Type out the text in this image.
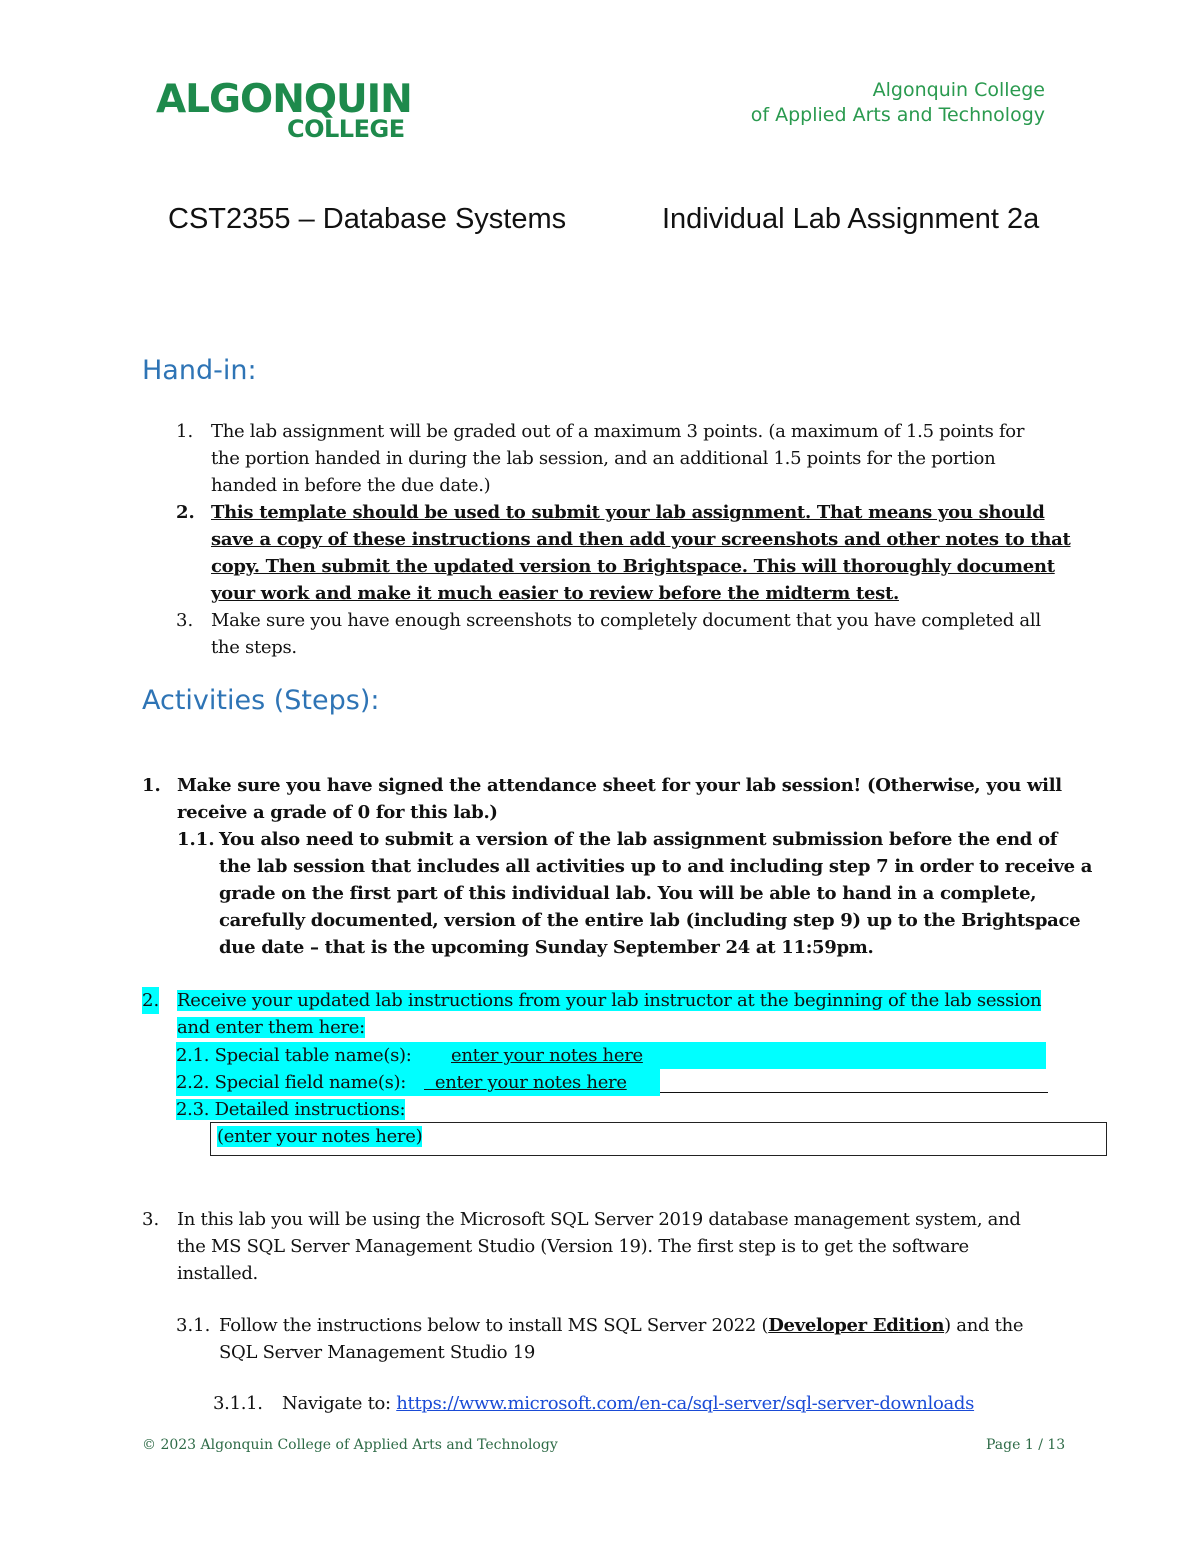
ALGONQUIN
COLLEGE
Algonquin College
of Applied Arts and Technology
CST2355 – Database Systems	Individual Lab Assignment 2a
Hand-in:
1. The lab assignment will be graded out of a maximum 3 points. (a maximum of 1.5 points for
the portion handed in during the lab session, and an additional 1.5 points for the portion
handed in before the due date.)
2. This template should be used to submit your lab assignment. That means you should
save a copy of these instructions and then add your screenshots and other notes to that
copy. Then submit the updated version to Brightspace. This will thoroughly document
your work and make it much easier to review before the midterm test.
3. Make sure you have enough screenshots to completely document that you have completed all
the steps.
Activities (Steps):
1. Make sure you have signed the attendance sheet for your lab session! (Otherwise, you will
receive a grade of 0 for this lab.)
1.1. You also need to submit a version of the lab assignment submission before the end of
the lab session that includes all activities up to and including step 7 in order to receive a
grade on the first part of this individual lab. You will be able to hand in a complete,
carefully documented, version of the entire lab (including step 9) up to the Brightspace
due date – that is the upcoming Sunday September 24 at 11:59pm.
2. Receive your updated lab instructions from your lab instructor at the beginning of the lab session
and enter them here:
2.1. Special table name(s): enter your notes here
2.2. Special field name(s): enter your notes here
2.3. Detailed instructions:
(enter your notes here)
3. In this lab you will be using the Microsoft SQL Server 2019 database management system, and
the MS SQL Server Management Studio (Version 19). The first step is to get the software
installed.
3.1. Follow the instructions below to install MS SQL Server 2022 (Developer Edition) and the
SQL Server Management Studio 19
3.1.1. Navigate to: https://www.microsoft.com/en-ca/sql-server/sql-server-downloads
© 2023 Algonquin College of Applied Arts and Technology	Page 1 / 13
